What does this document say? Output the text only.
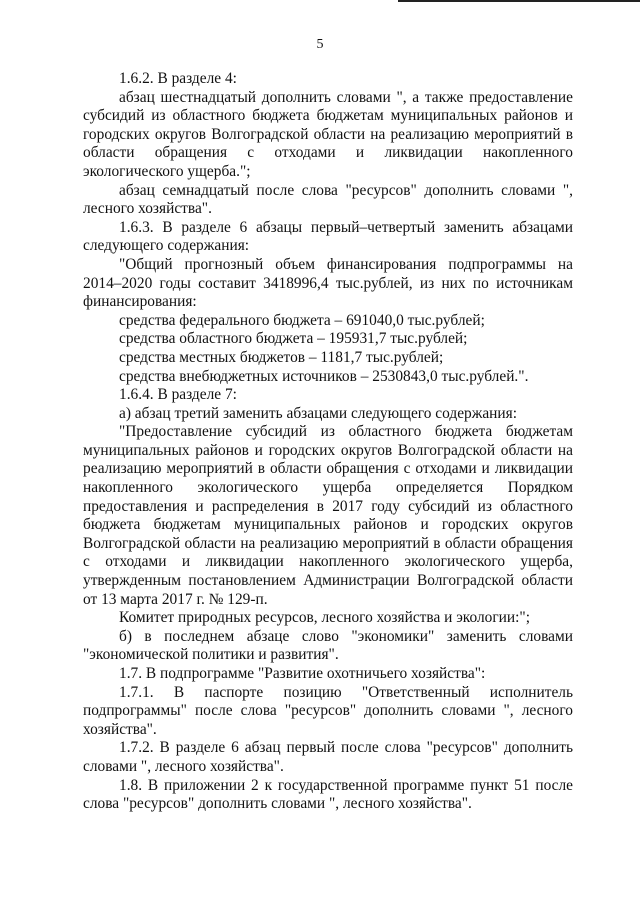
5

1.6.2. В разделе 4:

абзац шестнадцатый дополнить словами ", а также предоставление субсидий из областного бюджета бюджетам муниципальных районов и городских округов Волгоградской области на реализацию мероприятий в области обращения с отходами и ликвидации накопленного экологического ущерба.";

абзац семнадцатый после слова "ресурсов" дополнить словами ", лесного хозяйства".

1.6.3. В разделе 6 абзацы первый–четвертый заменить абзацами следующего содержания:

"Общий прогнозный объем финансирования подпрограммы на 2014–2020 годы составит 3418996,4 тыс.рублей, из них по источникам финансирования:

средства федерального бюджета – 691040,0 тыс.рублей;

средства областного бюджета – 195931,7 тыс.рублей;

средства местных бюджетов – 1181,7 тыс.рублей;

средства внебюджетных источников – 2530843,0 тыс.рублей.".

1.6.4. В разделе 7:

а) абзац третий заменить абзацами следующего содержания:

"Предоставление субсидий из областного бюджета бюджетам муниципальных районов и городских округов Волгоградской области на реализацию мероприятий в области обращения с отходами и ликвидации накопленного экологического ущерба определяется Порядком предоставления и распределения в 2017 году субсидий из областного бюджета бюджетам муниципальных районов и городских округов Волгоградской области на реализацию мероприятий в области обращения с отходами и ликвидации накопленного экологического ущерба, утвержденным постановлением Администрации Волгоградской области от 13 марта 2017 г. № 129-п.

Комитет природных ресурсов, лесного хозяйства и экологии:";

б) в последнем абзаце слово "экономики" заменить словами "экономической политики и развития".

1.7. В подпрограмме "Развитие охотничьего хозяйства":

1.7.1. В паспорте позицию "Ответственный исполнитель подпрограммы" после слова "ресурсов" дополнить словами ", лесного хозяйства".

1.7.2. В разделе 6 абзац первый после слова "ресурсов" дополнить словами ", лесного хозяйства".

1.8. В приложении 2 к государственной программе пункт 51 после слова "ресурсов" дополнить словами ", лесного хозяйства".
